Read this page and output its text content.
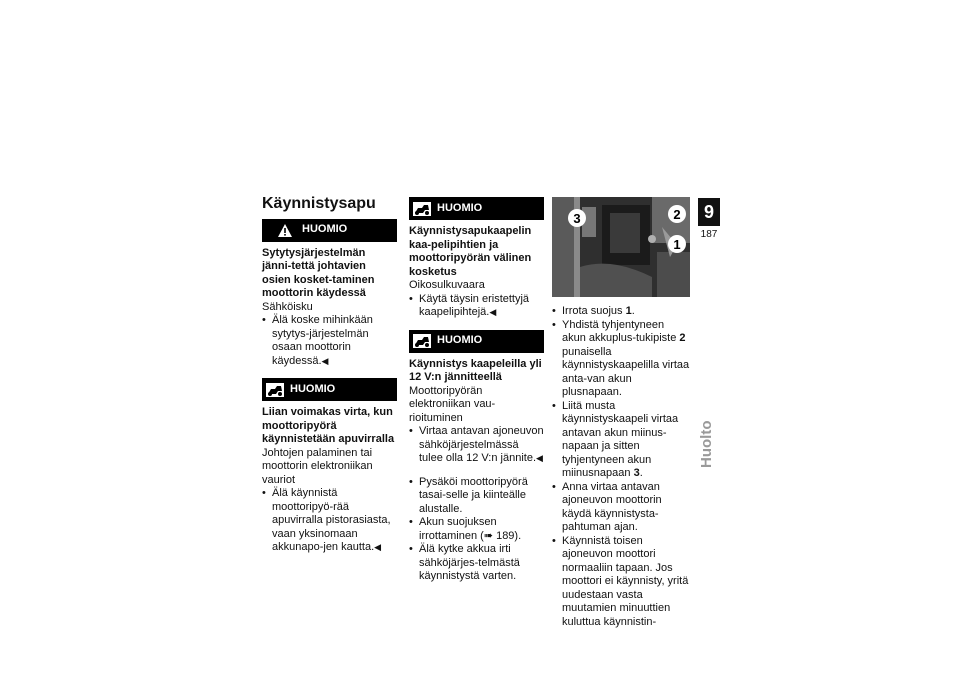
Käynnistysapu
HUOMIO
Sytytysjärjestelmän jänni-tettä johtavien osien kosket-taminen moottorin käydessä
Sähköisku
• Älä koske mihinkään sytytys-järjestelmän osaan moottorin käydessä.◀
HUOMIO
Liian voimakas virta, kun moottoripyörä käynnistetään apuvirralla
Johtojen palaminen tai moottorin elektroniikan vauriot
• Älä käynnistä moottoripyö-rää apuvirralla pistorasiasta, vaan yksinomaan akkunapo-jen kautta.◀
HUOMIO
Käynnistysapukaapelin kaa-pelipihtien ja moottoripyörän välinen kosketus
Oikosulkuvaara
• Käytä täysin eristettyjä kaapelipihtejä.◀
HUOMIO
Käynnistys kaapeleilla yli 12 V:n jännitteellä
Moottoripyörän elektroniikan vau-rioituminen
• Virtaa antavan ajoneuvon sähköjärjestelmässä tulee olla 12 V:n jännite.◀
• Pysäköi moottoripyörä tasai-selle ja kiinteälle alustalle.
• Akun suojuksen irrottaminen (➠ 189).
• Älä kytke akkua irti sähköjärjes-telmästä käynnistystä varten.
3	2
1
• Irrota suojus 1.
• Yhdistä tyhjentyneen akun akkuplus-tukipiste 2 punaisella käynnistyskaapelilla virtaa anta-van akun plusnapaan.
• Liitä musta käynnistyskaapeli virtaa antavan akun miinus-napaan ja sitten tyhjentyneen akun miinusnapaan 3.
• Anna virtaa antavan ajoneuvon moottorin käydä käynnistysta-pahtuman ajan.
• Käynnistä toisen ajoneuvon moottori normaaliin tapaan. Jos moottori ei käynnisty, yritä uudestaan vasta muutamien minuuttien kuluttua käynnistin-
9
187
Huolto
